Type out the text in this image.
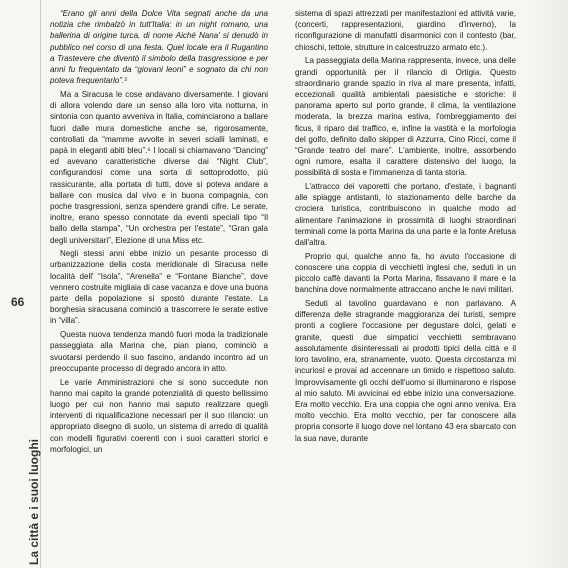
66
La città e i suoi luoghi

“Erano gli anni della Dolce Vita segnati anche da una notizia che rimbalzò in tutt'Italia: in un night romano, una ballerina di origine turca, di nome Aiché Nana' si denudò in pubblico nel corso di una festa. Quel locale era il Rugantino a Trastevere che diventò il simbolo della trasgressione e per anni fu frequentato da “giovani leoni” e sognato da chi non poteva frequentarlo”.⁵

Ma a Siracusa le cose andavano diversamente. I giovani di allora volendo dare un senso alla loro vita notturna, in sintonia con quanto avveniva in Italia, cominciarono a ballare fuori dalle mura domestiche anche se, rigorosamente, controllati da “mamme avvolte in severi scialli laminati, e papà in eleganti abiti bleu”.⁶ I locali si chiamavano “Dancing” ed avevano caratteristiche diverse dai “Night Club”, configurandosi come una sorta di sottoprodotto, più rassicurante, alla portata di tutti, dove si poteva andare a ballare con musica dal vivo e in buona compagnia, con poche trasgressioni, senza spendere grandi cifre. Le serate, inoltre, erano spesso connotate da eventi speciali tipo “Il ballo della stampa”, “Un orchestra per l'estate”, “Gran gala degli universitari”, Elezione di una Miss etc.

Negli stessi anni ebbe inizio un pesante processo di urbanizzazione della costa meridionale di Siracusa nelle località dell' “Isola”, “Arenella” e “Fontane Bianche”, dove vennero costruite migliaia di case vacanza e dove una buona parte della popolazione si spostò durante l'estate. La borghesia siracusana cominciò a trascorrere le serate estive in “villa”.

Questa nuova tendenza mandò fuori moda la tradizionale passeggiata alla Marina che, pian piano, cominciò a svuotarsi perdendo il suo fascino, andando incontro ad un preoccupante processo di degrado ancora in atto.

Le varie Amministrazioni che si sono succedute non hanno mai capito la grande potenzialità di questo bellissimo luogo per cui non hanno mai saputo realizzare quegli interventi di riqualificazione necessari per il suo rilancio: un appropriato disegno di suolo, un sistema di arredo di qualità con modelli figurativi coerenti con i suoi caratteri storici e morfologici, un

sistema di spazi attrezzati per manifestazioni ed attività varie, (concerti, rappresentazioni, giardino d'inverno), la riconfigurazione di manufatti disarmonici con il contesto (bar, chioschi, tettoie, strutture in calcestruzzo armato etc.).

La passeggiata della Marina rappresenta, invece, una delle grandi opportunità per il rilancio di Ortigia. Questo straordinario grande spazio in riva al mare presenta, infatti, eccezionali qualità ambientali paesistiche e storiche: il panorama aperto sul porto grande, il clima, la ventilazione moderata, la brezza marina estiva, l'ombreggiamento dei ficus, il riparo dal traffico, e, infine la vastità e la morfologia del golfo, definito dallo skipper di Azzurra, Cino Ricci, come il “Grande teatro del mare”. L'ambiente, inoltre, assorbendo ogni rumore, esalta il carattere distensivo del luogo, la possibilità di sosta e l'immanenza di tanta storia.

L'attracco dei vaporetti che portano, d'estate, i bagnanti alle spiagge antistanti, lo stazionamento delle barche da crociera turistica, contribuiscono in qualche modo ad alimentare l'animazione in prossimità di luoghi straordinari terminali come la porta Marina da una parte e la fonte Aretusa dall'altra.

Proprio qui, qualche anno fa, ho avuto l'occasione di conoscere una coppia di vecchietti inglesi che, seduti in un piccolo caffè davanti la Porta Marina, fissavano il mare e la banchina dove normalmente attraccano anche le navi militari.

Seduti al tavolino guardavano e non parlavano. A differenza delle stragrande maggioranza dei turisti, sempre pronti a cogliere l'occasione per degustare dolci, gelati e granite, questi due simpatici vecchietti sembravano assolutamente disinteressati ai prodotti tipici della città e il loro tavolino, era, stranamente, vuoto. Questa circostanza mi incuriosì e provai ad accennare un timido e rispettoso saluto. Improvvisamente gli occhi dell'uomo si illuminarono e rispose al mio saluto. Mi avvicinai ed ebbe inizio una conversazione. Era molto vecchio. Era una coppia che ogni anno veniva. Era molto vecchio. Era molto vecchio, per far conoscere alla propria consorte il luogo dove nel lontano 43 era sbarcato con la sua nave, durante
